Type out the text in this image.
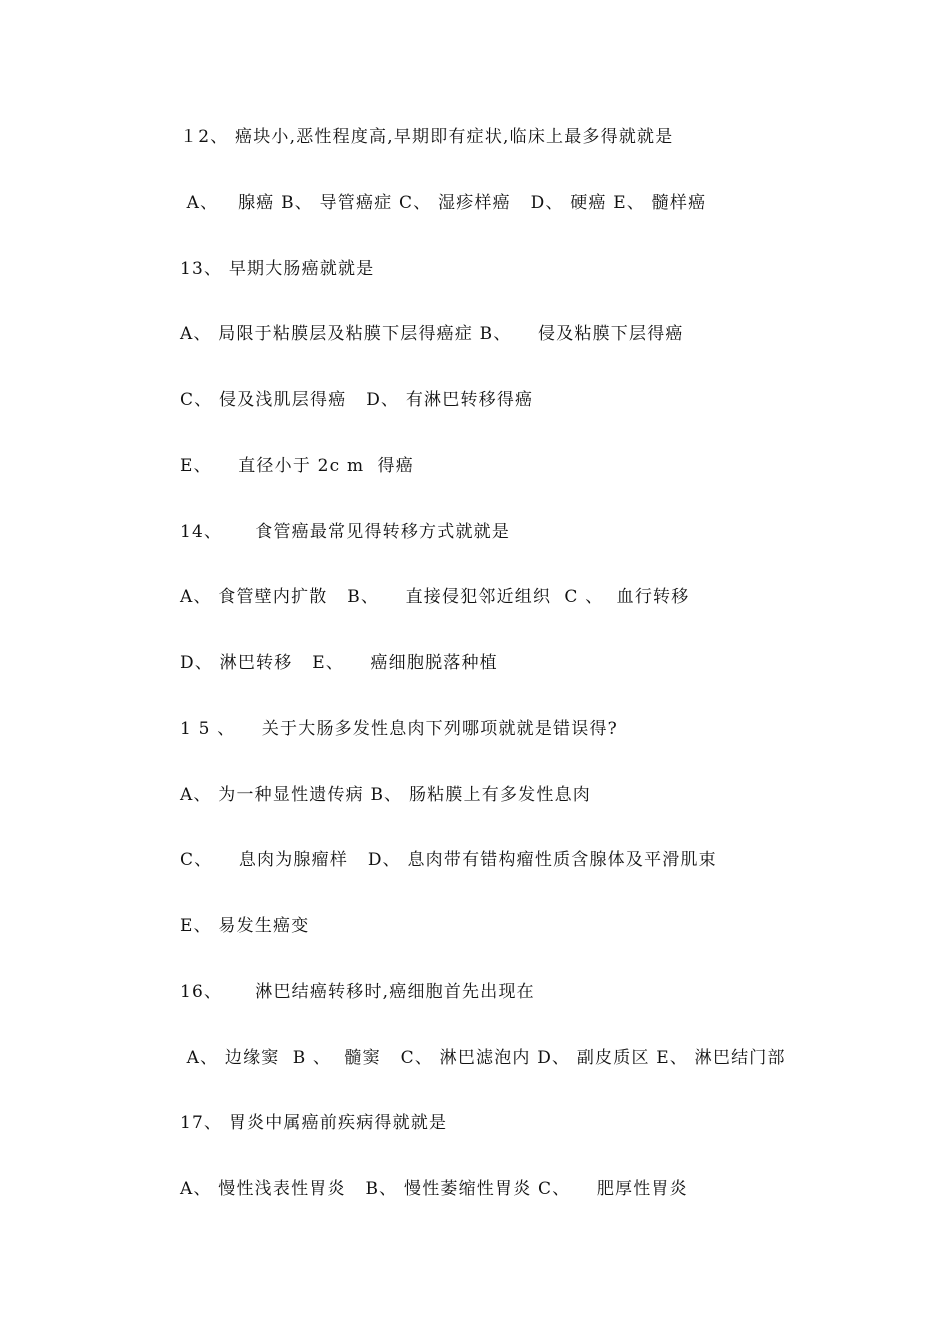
１2、 癌块小,恶性程度高,早期即有症状,临床上最多得就就是
A、   腺癌 B、 导管癌症 C、 湿疹样癌   D、 硬癌 E、 髓样癌
13、 早期大肠癌就就是
A、 局限于粘膜层及粘膜下层得癌症 B、    侵及粘膜下层得癌
C、 侵及浅肌层得癌   D、 有淋巴转移得癌
E、    直径小于 2c m  得癌
14、     食管癌最常见得转移方式就就是
A、 食管壁内扩散   B、    直接侵犯邻近组织  C 、  血行转移
D、 淋巴转移   E、    癌细胞脱落种植
1 5 、    关于大肠多发性息肉下列哪项就就是错误得?
A、 为一种显性遗传病 B、 肠粘膜上有多发性息肉
C、    息肉为腺瘤样   D、 息肉带有错构瘤性质含腺体及平滑肌束
E、 易发生癌变
16、     淋巴结癌转移时,癌细胞首先出现在
A、 边缘窦  B 、  髓窦   C、 淋巴滤泡内 D、 副皮质区 E、 淋巴结门部
17、 胃炎中属癌前疾病得就就是
A、 慢性浅表性胃炎   B、 慢性萎缩性胃炎 C、    肥厚性胃炎
